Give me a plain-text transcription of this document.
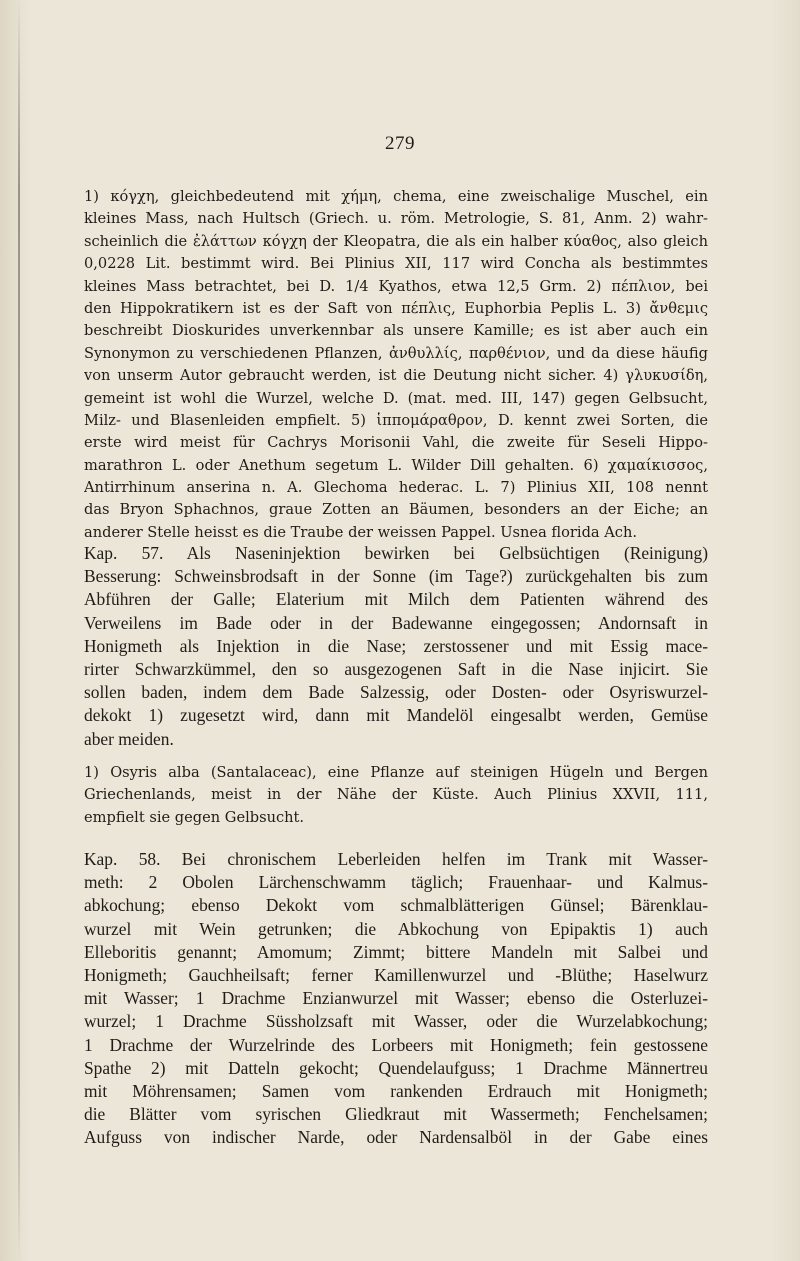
279
1) κόγχη, gleichbedeutend mit χήμη, chema, eine zweischalige Muschel, ein
kleines Mass, nach Hultsch (Griech. u. röm. Metrologie, S. 81, Anm. 2) wahr-
scheinlich die ἐλάττων κόγχη der Kleopatra, die als ein halber κύαθος, also gleich
0,0228 Lit. bestimmt wird. Bei Plinius XII, 117 wird Concha als bestimmtes
kleines Mass betrachtet, bei D. 1/4 Kyathos, etwa 12,5 Grm. 2) πέπλιον, bei
den Hippokratikern ist es der Saft von πέπλις, Euphorbia Peplis L. 3) ἄνθεμις
beschreibt Dioskurides unverkennbar als unsere Kamille; es ist aber auch ein
Synonymon zu verschiedenen Pflanzen, ἀνθυλλίς, παρθένιον, und da diese häufig
von unserm Autor gebraucht werden, ist die Deutung nicht sicher. 4) γλυκυσίδη,
gemeint ist wohl die Wurzel, welche D. (mat. med. III, 147) gegen Gelbsucht,
Milz- und Blasenleiden empfielt. 5) ἱππομάραθρον, D. kennt zwei Sorten, die
erste wird meist für Cachrys Morisonii Vahl, die zweite für Seseli Hippo-
marathron L. oder Anethum segetum L. Wilder Dill gehalten. 6) χαμαίκισσος,
Antirrhinum anserina n. A. Glechoma hederac. L. 7) Plinius XII, 108 nennt
das Bryon Sphachnos, graue Zotten an Bäumen, besonders an der Eiche; an
anderer Stelle heisst es die Traube der weissen Pappel. Usnea florida Ach.
Kap. 57. Als Naseninjektion bewirken bei Gelbsüchtigen (Reinigung)
Besserung: Schweinsbrodsaft in der Sonne (im Tage?) zurückgehalten bis zum
Abführen der Galle; Elaterium mit Milch dem Patienten während des
Verweilens im Bade oder in der Badewanne eingegossen; Andornsaft in
Honigmeth als Injektion in die Nase; zerstossener und mit Essig mace-
rirter Schwarzkümmel, den so ausgezogenen Saft in die Nase injicirt. Sie
sollen baden, indem dem Bade Salzessig, oder Dosten- oder Osyriswurzel-
dekokt 1) zugesetzt wird, dann mit Mandelöl eingesalbt werden, Gemüse
aber meiden.
1) Osyris alba (Santalaceac), eine Pflanze auf steinigen Hügeln und Bergen
Griechenlands, meist in der Nähe der Küste. Auch Plinius XXVII, 111,
empfielt sie gegen Gelbsucht.
Kap. 58. Bei chronischem Leberleiden helfen im Trank mit Wasser-
meth: 2 Obolen Lärchenschwamm täglich; Frauenhaar- und Kalmus-
abkochung; ebenso Dekokt vom schmalblätterigen Günsel; Bärenklau-
wurzel mit Wein getrunken; die Abkochung von Epipaktis 1) auch
Elleboritis genannt; Amomum; Zimmt; bittere Mandeln mit Salbei und
Honigmeth; Gauchheilsaft; ferner Kamillenwurzel und -Blüthe; Haselwurz
mit Wasser; 1 Drachme Enzianwurzel mit Wasser; ebenso die Osterluzei-
wurzel; 1 Drachme Süssholzsaft mit Wasser, oder die Wurzelabkochung;
1 Drachme der Wurzelrinde des Lorbeers mit Honigmeth; fein gestossene
Spathe 2) mit Datteln gekocht; Quendelaufguss; 1 Drachme Männertreu
mit Möhrensamen; Samen vom rankenden Erdrauch mit Honigmeth;
die Blätter vom syrischen Gliedkraut mit Wassermeth; Fenchelsamen;
Aufguss von indischer Narde, oder Nardensalböl in der Gabe eines
